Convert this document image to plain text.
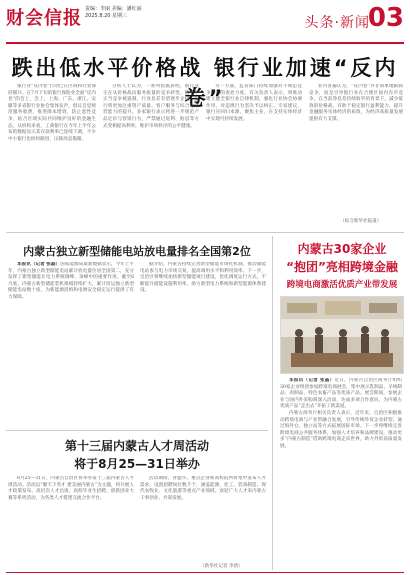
财会信报 责编：李丽 美编：潘红丽
2025.8.20 星期三	头条·新闻
03
跌出低水平价格战 银行业加速“反内卷”

银行业“反内卷”行动已在区域和行业保持铺开。在7月下旬的银行保险业全面“反内卷”的会上，会上，上海、广东、浙江、安徽等多省银行业协会集体发声，倡议自觉规范服务收费，推进降本增效，防止恶性竞争，结合区域实际共同维护良好的金融生态。从机构来看，工商银行在今年上半年公布的数据显示其存款利率已连续下调，不少中小银行也纷纷跟进，压降高息揽储。

分析人士认为，一系列措施表明，银行业正在从价格战向服务质量的竞争转变。随着不正当竞争被遏制，行业息差有望逐步企稳，银行将更加注重资产质量、客户服务与综合化经营能力的提升。多家银行表示将进一步规范产品定价与营销行为，严禁通过返利、贴息等方式变相提高利率，维护市场秩序的公平健康。

另一方面，监管部门持续加强对不规范竞争行为的查处力度。有关负责人表示，将推动建立健全银行业自律机制，强化行业协会协调作用，对违规行为坚决予以纠正。专家建议，银行应回归本源，聚焦主业，在支持实体经济中实现可持续发展。

业内普遍认为，“反内卷”并非简单地限制竞争，而是引导银行业在合理区间内有序竞争。在当前净息差持续收窄的背景下，减少低效的价格战，有助于稳定银行盈利能力，提升金融服务实体经济的质效，为经济高质量发展提供有力支撑。

（综合新华社报道）
内蒙古独立新型储能电站放电量排名全国第2位

本报讯（记者 张磊）国家能源局最新数据显示，今年上半年，内蒙古独立新型储能电站累计放电量位居全国第二，充分发挥了新型储能在电力系统调峰、顶峰中的重要作用。截至6月底，内蒙古新型储能装机规模持续扩大，累计投运独立新型储能电站数十座，为新能源消纳和电网安全稳定运行提供了有力保障。

据介绍，内蒙古持续完善新型储能市场化机制，推动储能电站参与电力市场交易，提高调用水平和利用效率。下一步，自治区将继续加快新型储能项目建设，优化调度运行方式，不断提升储能设施利用率，助力新型电力系统和新型能源体系建设。

第十三届内蒙古人才周活动
将于8月25—31日举办

8月25—31日，内蒙古自治区将举办第十三届内蒙古人才周活动。活动以“聚天下英才 建美丽内蒙古”为主题，将开展人才政策发布、高层次人才洽谈、高校毕业生招聘、创新创业大赛等系列活动，为各类人才搭建交流合作平台。

活动期间，各盟市、重点企业和高校院所将集中发布人才需求，设置招聘岗位数千个，涵盖能源、化工、装备制造、现代农牧业、文化旅游等重点产业领域。欢迎广大人才来内蒙古干事创业、共谋发展。

（新华社记者 李倩）
内蒙古30家企业
“抱团”亮相跨境金融
跨境电商激活优质产业带发展

本报讯（记者 张晶）近日，内蒙古自治区商务厅组织30家企业组团参加跨境电商展会，集中展示乳制品、羊绒制品、肉制品、特色农畜产品等优质产品。展会期间，参展企业与国内外采购商深入洽谈，达成多项合作意向，为内蒙古优质产品“走出去”开拓了新渠道。

内蒙古商务厅相关负责人表示，近年来，自治区积极推动跨境电商与产业带融合发展，引导传统外贸企业转型，通过海外仓、独立站等方式拓展国际市场。下一步将继续完善跨境电商公共服务体系，加强人才培养和品牌建设，推动更多“内蒙古制造”借助跨境电商走向世界，助力外贸高质量发展。
